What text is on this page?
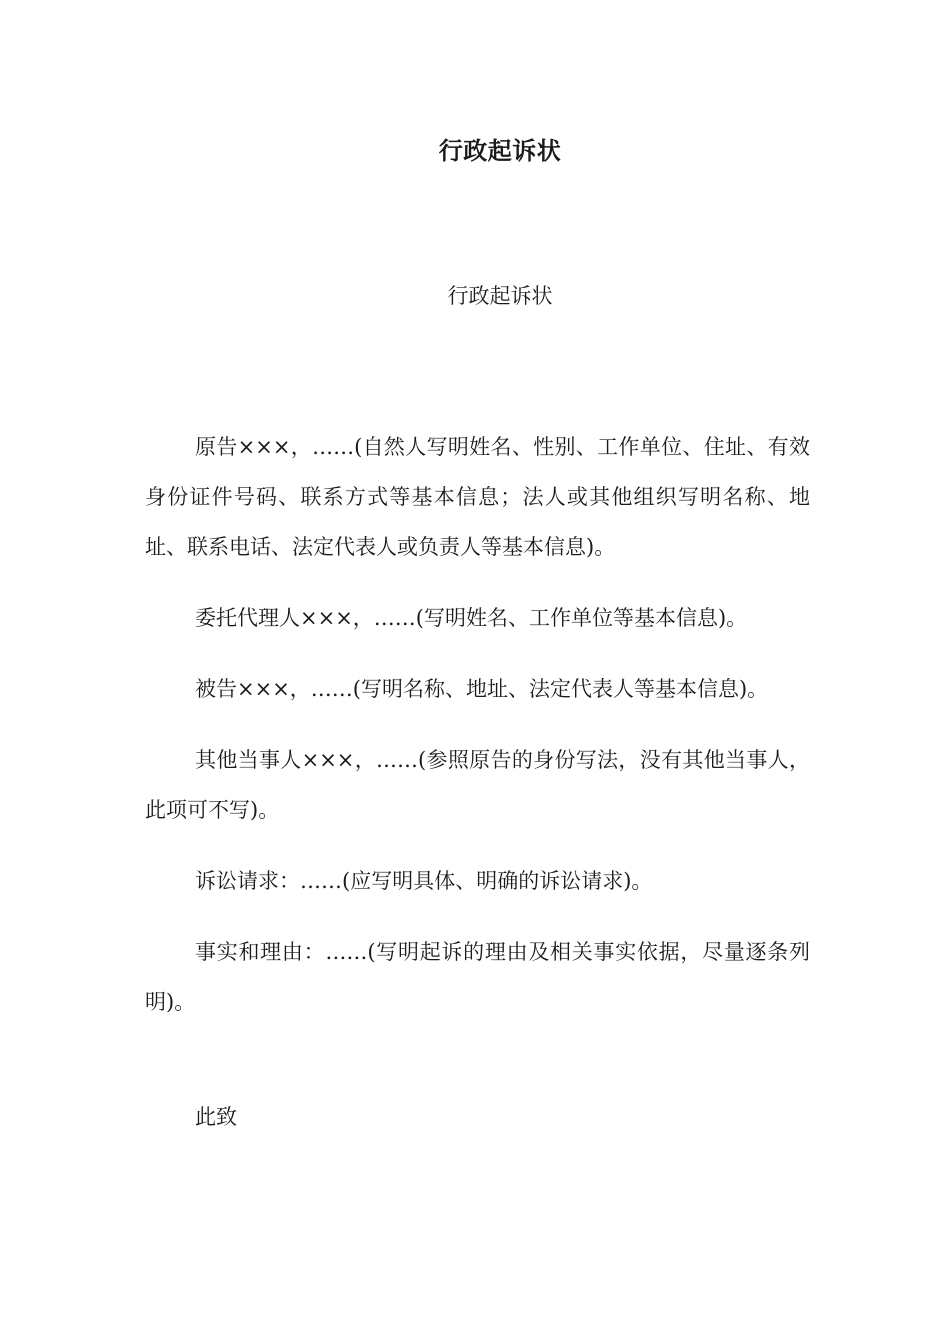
行政起诉状

行政起诉状

原告×××，……(自然人写明姓名、性别、工作单位、住址、有效身份证件号码、联系方式等基本信息；法人或其他组织写明名称、地址、联系电话、法定代表人或负责人等基本信息)。

委托代理人×××，……(写明姓名、工作单位等基本信息)。

被告×××，……(写明名称、地址、法定代表人等基本信息)。

其他当事人×××，……(参照原告的身份写法，没有其他当事人，此项可不写)。

诉讼请求：……(应写明具体、明确的诉讼请求)。

事实和理由：……(写明起诉的理由及相关事实依据，尽量逐条列明)。

此致
